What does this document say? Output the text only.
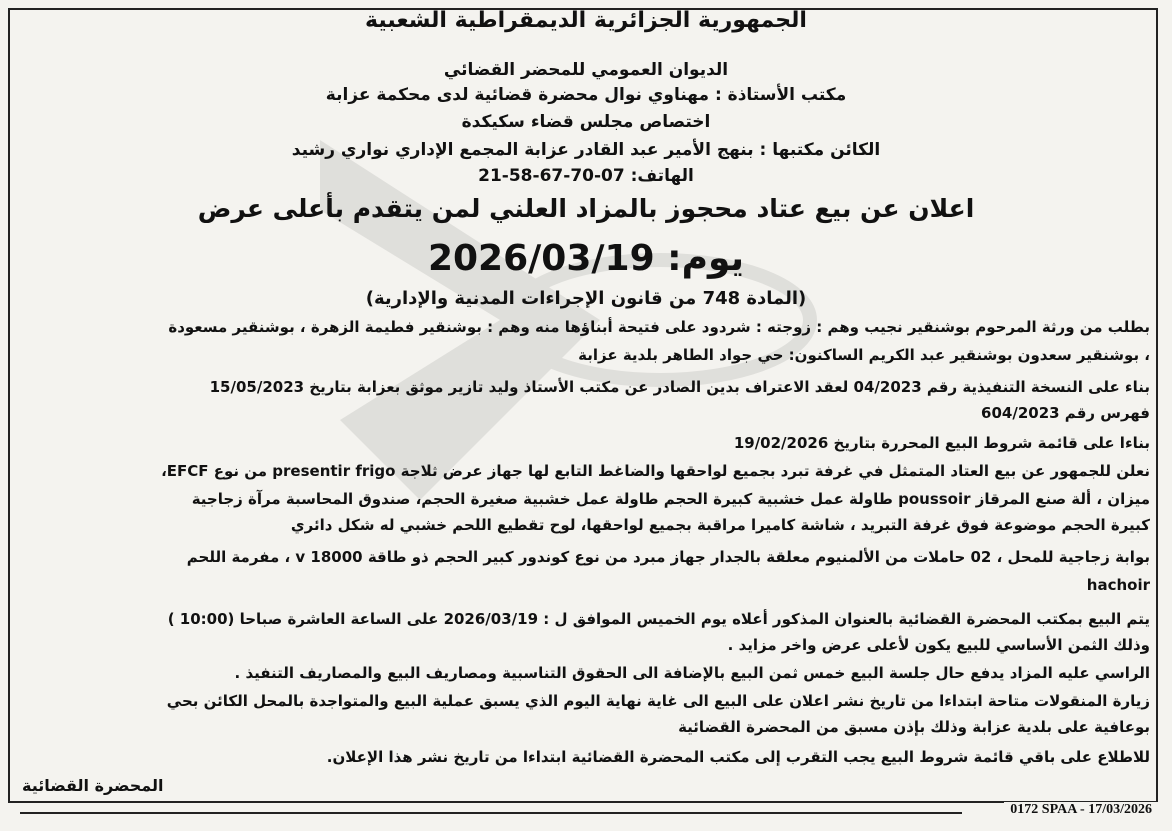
الجمهورية الجزائرية الديمقراطية الشعبية
الديوان العمومي للمحضر القضائي
مكتب الأستاذة : مهناوي نوال محضرة قضائية لدى محكمة عزابة
اختصاص مجلس قضاء سكيكدة
الكائن مكتبها : بنهج الأمير عبد القادر عزابة المجمع الإداري نواري رشيد
الهاتف: 07-70-67-58-21
اعلان عن بيع عتاد محجوز بالمزاد العلني لمن يتقدم بأعلى عرض
يوم: 2026/03/19
(المادة 748 من قانون الإجراءات المدنية والإدارية)
بطلب من ورثة المرحوم بوشنقير نجيب وهم : زوجته : شردود على فتيحة أبناؤها منه وهم : بوشنقير فطيمة الزهرة ، بوشنقير مسعودة
، بوشنقير سعدون بوشنقير عبد الكريم الساكنون: حي جواد الطاهر بلدية عزابة
بناء على النسخة التنفيذية رقم 04/2023 لعقد الاعتراف بدين الصادر عن مكتب الأستاذ وليد تازير موثق بعزابة بتاريخ 15/05/2023
فهرس رقم 604/2023
بناءا على قائمة شروط البيع المحررة بتاريخ 19/02/2026
نعلن للجمهور عن بيع العتاد المتمثل في غرفة تبرد بجميع لواحقها والضاغط التابع لها جهاز عرض ثلاجة presentir frigo من نوع EFCF،
ميزان ، ألة صنع المرقاز poussoir طاولة عمل خشبية كبيرة الحجم طاولة عمل خشبية صغيرة الحجم، صندوق المحاسبة مرآة زجاجية
كبيرة الحجم موضوعة فوق غرفة التبريد ، شاشة كاميرا مراقبة بجميع لواحقها، لوح تقطيع اللحم خشبي له شكل دائري
بوابة زجاجية للمحل ، 02 حاملات من الألمنيوم معلقة بالجدار جهاز مبرد من نوع كوندور كبير الحجم ذو طاقة v 18000 ، مفرمة اللحم
hachoir
يتم البيع بمكتب المحضرة القضائية بالعنوان المذكور أعلاه يوم الخميس الموافق ل : 2026/03/19 على الساعة العاشرة صباحا (10:00 )
وذلك الثمن الأساسي للبيع يكون لأعلى عرض واخر مزايد .
الراسي عليه المزاد يدفع حال جلسة البيع خمس ثمن البيع بالإضافة الى الحقوق التناسبية ومصاريف البيع والمصاريف التنفيذ .
زيارة المنقولات متاحة ابتداءا من تاريخ نشر اعلان على البيع الى غاية نهاية اليوم الذي يسبق عملية البيع والمتواجدة بالمحل الكائن بحي
بوعافية على بلدية عزابة وذلك بإذن مسبق من المحضرة القضائية
للاطلاع على باقي قائمة شروط البيع يجب التقرب إلى مكتب المحضرة القضائية ابتداءا من تاريخ نشر هذا الإعلان.
المحضرة القضائية
0172 SPAA - 17/03/2026
